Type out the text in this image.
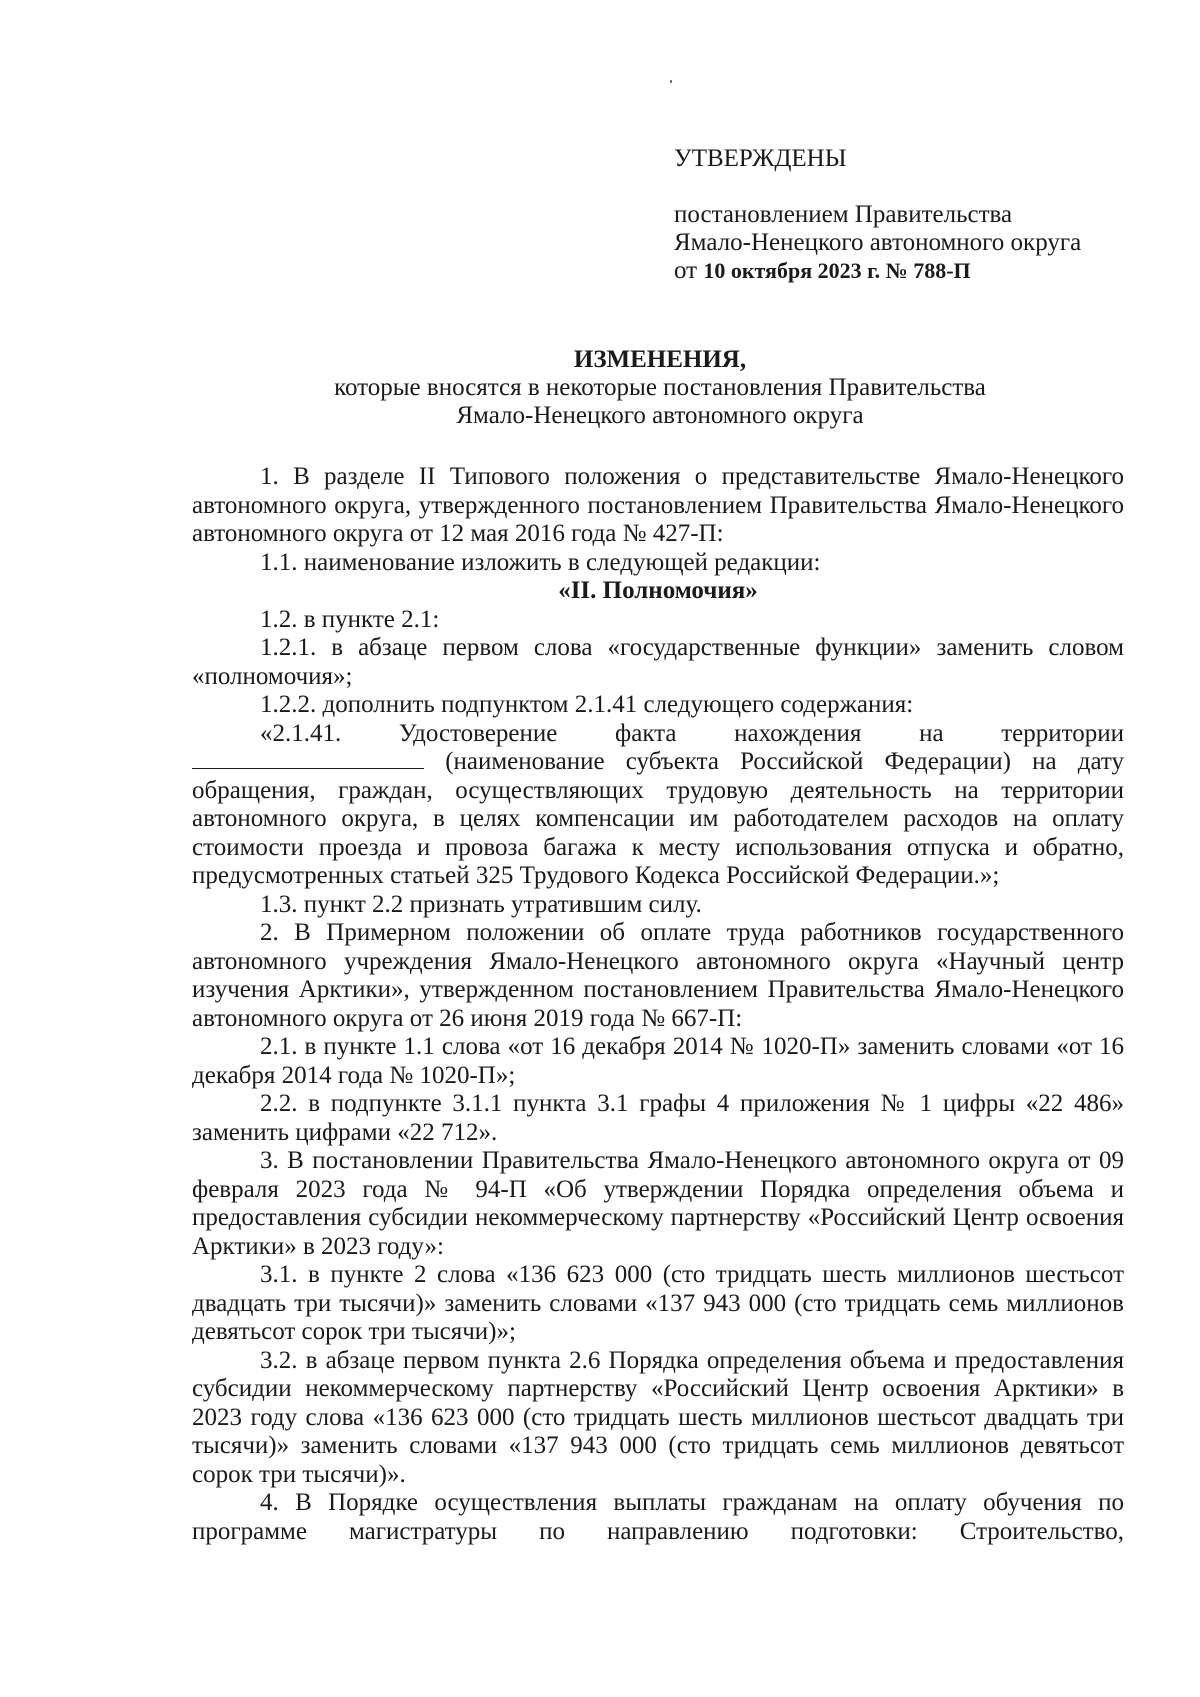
УТВЕРЖДЕНЫ
постановлением Правительства
Ямало-Ненецкого автономного округа
от 10 октября 2023 г. № 788-П
ИЗМЕНЕНИЯ,
которые вносятся в некоторые постановления Правительства
Ямало-Ненецкого автономного округа

1. В разделе II Типового положения о представительстве Ямало-Ненецкого автономного округа, утвержденного постановлением Правительства Ямало-Ненецкого автономного округа от 12 мая 2016 года № 427-П:

1.1. наименование изложить в следующей редакции:

«II. Полномочия»

1.2. в пункте 2.1:

1.2.1. в абзаце первом слова «государственные функции» заменить словом «полномочия»;

1.2.2. дополнить подпунктом 2.1.41 следующего содержания:

«2.1.41. Удостоверение факта нахождения на территории

(наименование субъекта Российской Федерации) на дату обращения, граждан, осуществляющих трудовую деятельность на территории автономного округа, в целях компенсации им работодателем расходов на оплату стоимости проезда и провоза багажа к месту использования отпуска и обратно, предусмотренных статьей 325 Трудового Кодекса Российской Федерации.»;

1.3. пункт 2.2 признать утратившим силу.

2. В Примерном положении об оплате труда работников государственного автономного учреждения Ямало-Ненецкого автономного округа «Научный центр изучения Арктики», утвержденном постановлением Правительства Ямало-Ненецкого автономного округа от 26 июня 2019 года № 667-П:

2.1. в пункте 1.1 слова «от 16 декабря 2014 № 1020-П» заменить словами «от 16 декабря 2014 года № 1020-П»;

2.2. в подпункте 3.1.1 пункта 3.1 графы 4 приложения № 1 цифры «22 486» заменить цифрами «22 712».

3. В постановлении Правительства Ямало-Ненецкого автономного округа от 09 февраля 2023 года № 94-П «Об утверждении Порядка определения объема и предоставления субсидии некоммерческому партнерству «Российский Центр освоения Арктики» в 2023 году»:

3.1. в пункте 2 слова «136 623 000 (сто тридцать шесть миллионов шестьсот двадцать три тысячи)» заменить словами «137 943 000 (сто тридцать семь миллионов девятьсот сорок три тысячи)»;

3.2. в абзаце первом пункта 2.6 Порядка определения объема и предоставления субсидии некоммерческому партнерству «Российский Центр освоения Арктики» в 2023 году слова «136 623 000 (сто тридцать шесть миллионов шестьсот двадцать три тысячи)» заменить словами «137 943 000 (сто тридцать семь миллионов девятьсот сорок три тысячи)».

4. В Порядке осуществления выплаты гражданам на оплату обучения по программе магистратуры по направлению подготовки: Строительство,
